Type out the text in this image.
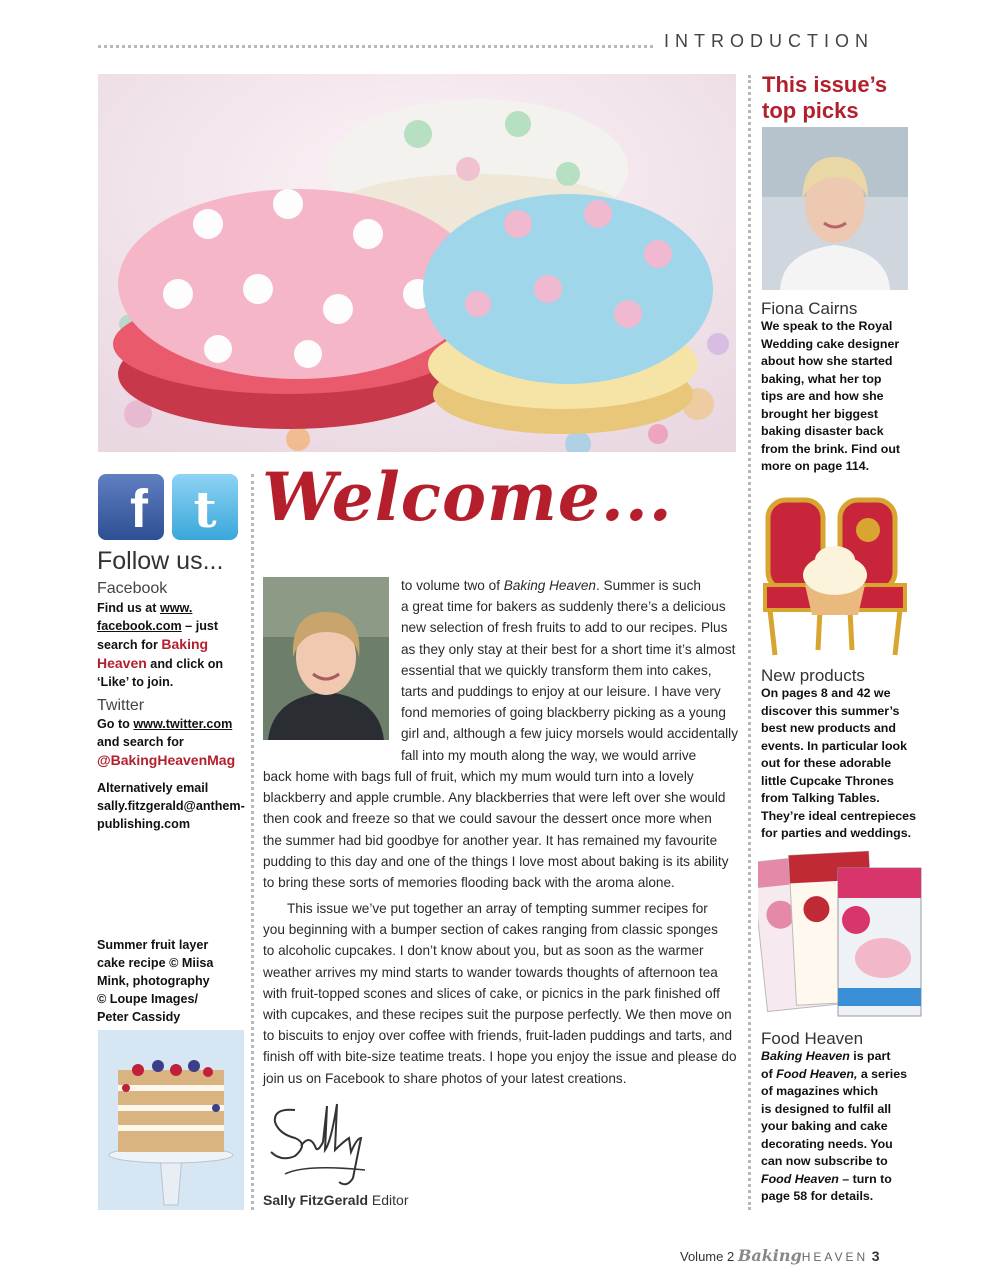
INTRODUCTION
This issue’s
top picks
Fiona Cairns
We speak to the Royal
Wedding cake designer
about how she started
baking, what her top
tips are and how she
brought her biggest
baking disaster back
from the brink. Find out
more on page 114.
New products
On pages 8 and 42 we
discover this summer’s
best new products and
events. In particular look
out for these adorable
little Cupcake Thrones
from Talking Tables.
They’re ideal centrepieces
for parties and weddings.
Food Heaven
Baking Heaven is part
of Food Heaven, a series
of magazines which
is designed to fulfil all
your baking and cake
decorating needs. You
can now subscribe to
Food Heaven – turn to
page 58 for details.
f t
Follow us...
Facebook
Find us at www.
facebook.com – just
search for Baking
Heaven and click on
‘Like’ to join.
Twitter
Go to www.twitter.com
and search for
@BakingHeavenMag
Alternatively email
sally.fitzgerald@anthem-
publishing.com
Summer fruit layer
cake recipe © Miisa
Mink, photography
© Loupe Images/
Peter Cassidy
Welcome...
to volume two of Baking Heaven. Summer is such
a great time for bakers as suddenly there’s a delicious
new selection of fresh fruits to add to our recipes. Plus
as they only stay at their best for a short time it’s almost
essential that we quickly transform them into cakes,
tarts and puddings to enjoy at our leisure. I have very
fond memories of going blackberry picking as a young
girl and, although a few juicy morsels would accidentally
fall into my mouth along the way, we would arrive
back home with bags full of fruit, which my mum would turn into a lovely
blackberry and apple crumble. Any blackberries that were left over she would
then cook and freeze so that we could savour the dessert once more when
the summer had bid goodbye for another year. It has remained my favourite
pudding to this day and one of the things I love most about baking is its ability
to bring these sorts of memories flooding back with the aroma alone.
This issue we’ve put together an array of tempting summer recipes for
you beginning with a bumper section of cakes ranging from classic sponges
to alcoholic cupcakes. I don’t know about you, but as soon as the warmer
weather arrives my mind starts to wander towards thoughts of afternoon tea
with fruit-topped scones and slices of cake, or picnics in the park finished off
with cupcakes, and these recipes suit the purpose perfectly. We then move on
to biscuits to enjoy over coffee with friends, fruit-laden puddings and tarts, and
finish off with bite-size teatime treats. I hope you enjoy the issue and please do
join us on Facebook to share photos of your latest creations.
Sally FitzGerald Editor
Volume 2 BakingHEAVEN 3
